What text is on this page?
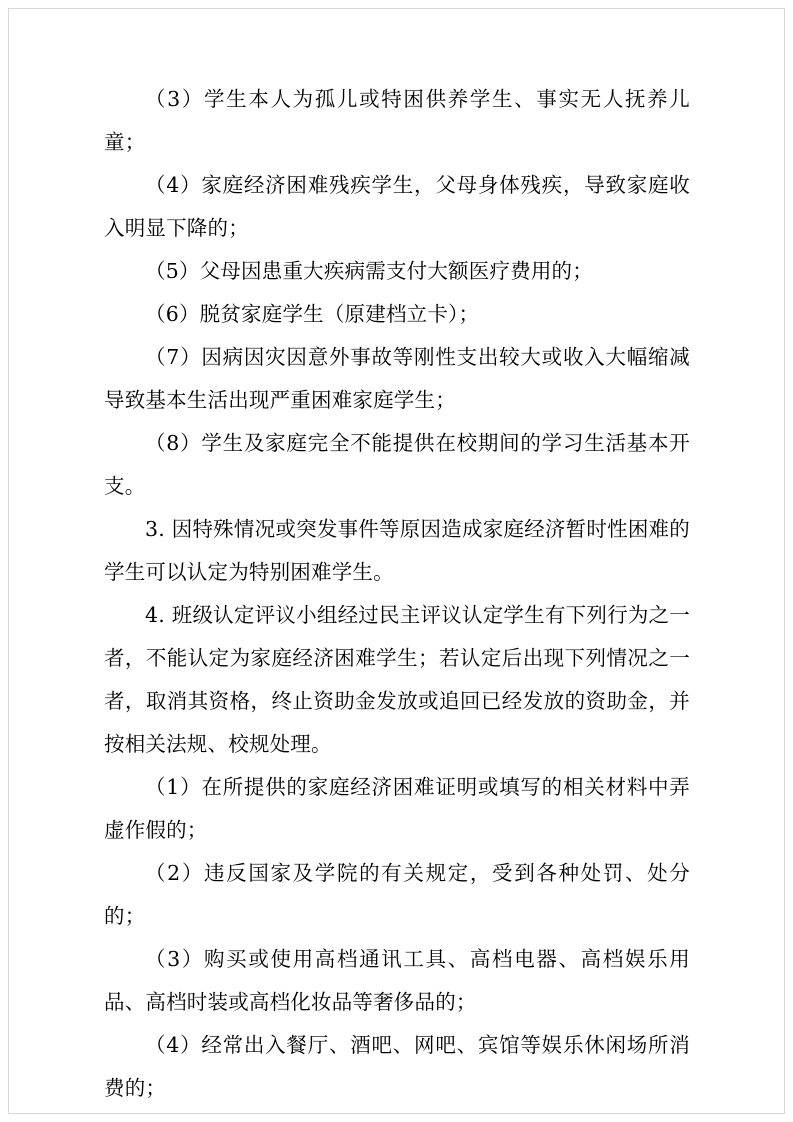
（3）学生本人为孤儿或特困供养学生、事实无人抚养儿童；

（4）家庭经济困难残疾学生，父母身体残疾，导致家庭收入明显下降的；

（5）父母因患重大疾病需支付大额医疗费用的；

（6）脱贫家庭学生（原建档立卡）；

（7）因病因灾因意外事故等刚性支出较大或收入大幅缩减导致基本生活出现严重困难家庭学生；

（8）学生及家庭完全不能提供在校期间的学习生活基本开支。

3. 因特殊情况或突发事件等原因造成家庭经济暂时性困难的学生可以认定为特别困难学生。

4. 班级认定评议小组经过民主评议认定学生有下列行为之一者，不能认定为家庭经济困难学生；若认定后出现下列情况之一者，取消其资格，终止资助金发放或追回已经发放的资助金，并按相关法规、校规处理。

（1）在所提供的家庭经济困难证明或填写的相关材料中弄虚作假的；

（2）违反国家及学院的有关规定，受到各种处罚、处分的；

（3）购买或使用高档通讯工具、高档电器、高档娱乐用品、高档时装或高档化妆品等奢侈品的；

（4）经常出入餐厅、酒吧、网吧、宾馆等娱乐休闲场所消费的；
